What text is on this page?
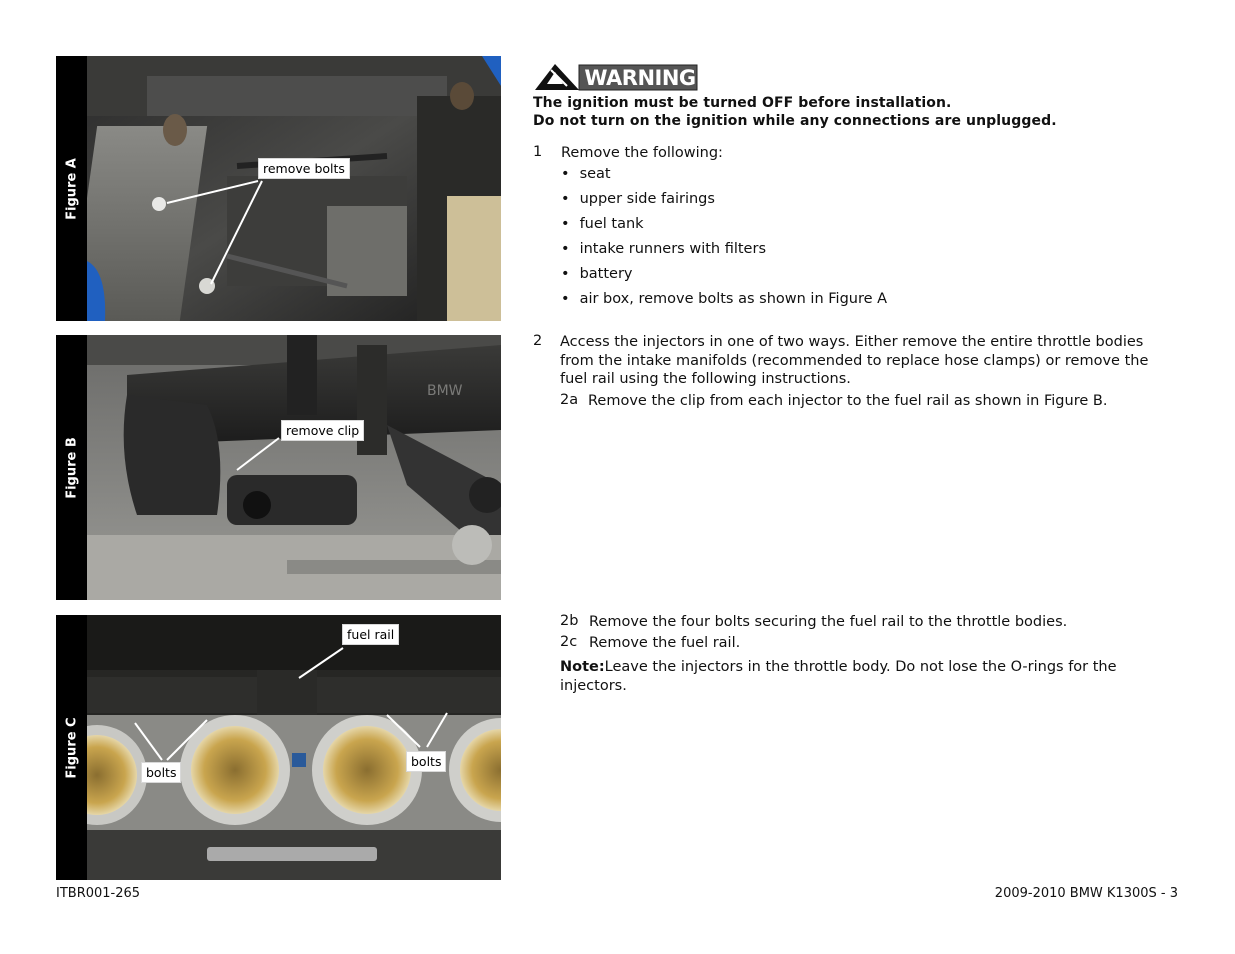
Figure A	remove bolts
Figure B
BMW
remove clip
Figure C
fuel rail
bolts
bolts
WARNING
The ignition must be turned OFF before installation.
Do not turn on the ignition while any connections are unplugged.
1 Remove the following:
• seat
• upper side fairings
• fuel tank
• intake runners with filters
• battery
• air box, remove bolts as shown in Figure A
2 Access the injectors in one of two ways. Either remove the entire throttle bodies from the intake manifolds (recommended to replace hose clamps) or remove the fuel rail using the following instructions.
2a Remove the clip from each injector to the fuel rail as shown in Figure B.
2b Remove the four bolts securing the fuel rail to the throttle bodies.
2c Remove the fuel rail.
Note:Leave the injectors in the throttle body. Do not lose the O-rings for the injectors.
ITBR001-265	2009-2010 BMW K1300S - 3
